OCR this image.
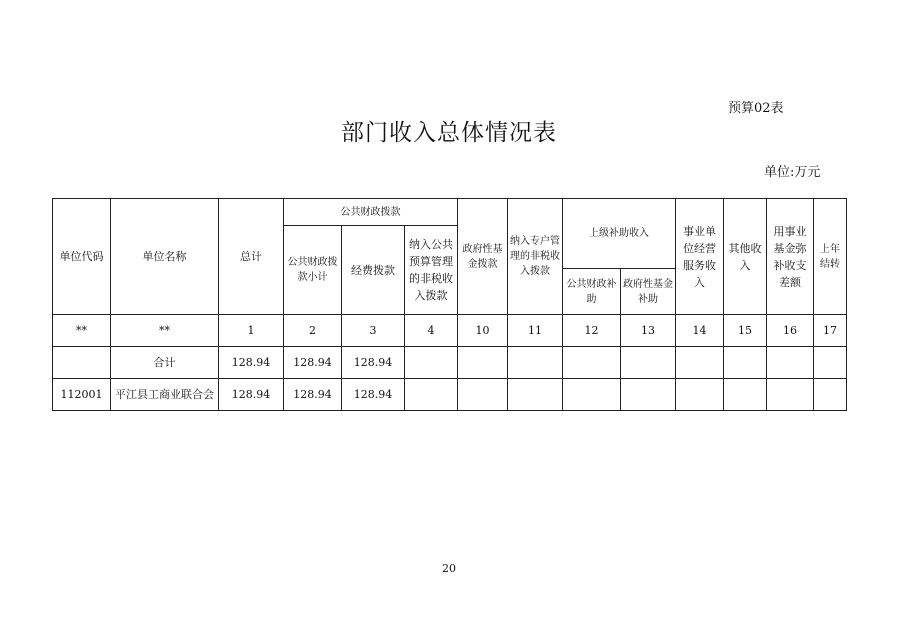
预算02表
部门收入总体情况表
单位:万元
单位代码	单位名称	总计	公共财政拨款			政府性基金拨款	纳入专户管理的非税收入拨款	上级补助收入		事业单位经营服务收入	其他收入	用事业基金弥补收支差额	上年结转
			公共财政拨款小计	经费拨款	纳入公共预算管理的非税收入拨款								
								公共财政补助	政府性基金补助				
**	**	1	2	3	4	10	11	12	13	14	15	16	17
	合计	128.94	128.94	128.94									
112001	平江县工商业联合会	128.94	128.94	128.94									
20
